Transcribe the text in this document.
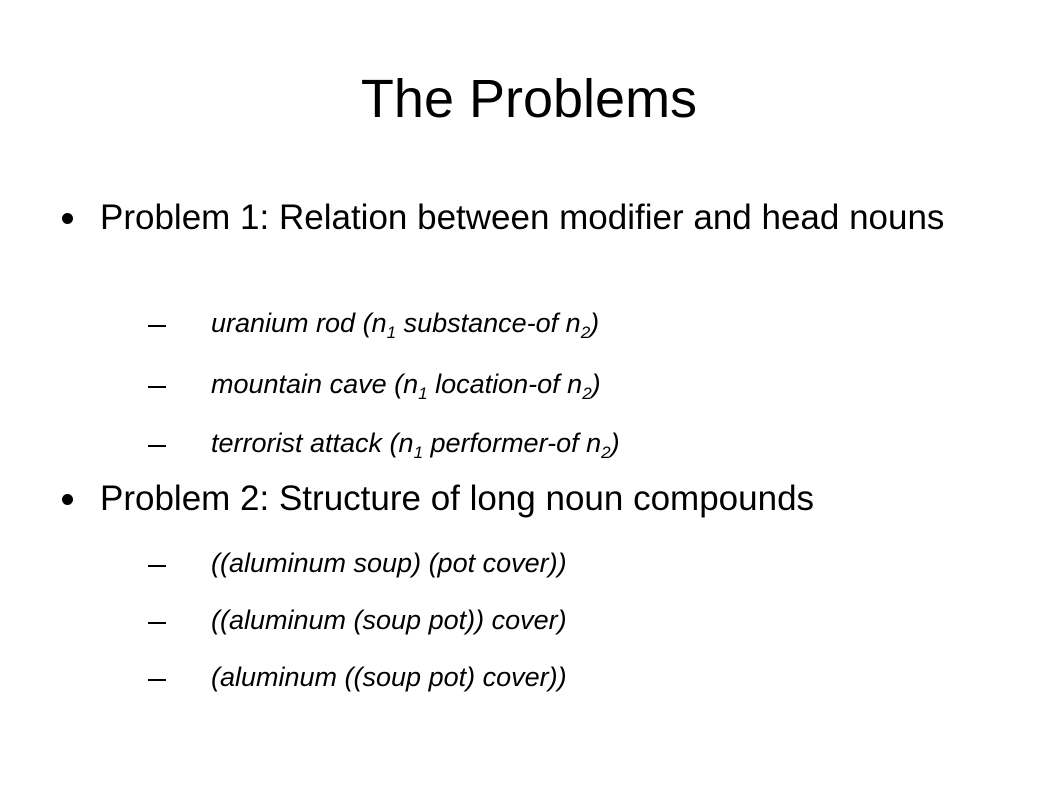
The Problems
Problem 1: Relation between modifier and head nouns
uranium rod ($n_1$ substance-of $n_2$)
mountain cave ($n_1$ location-of $n_2$)
terrorist attack ($n_1$ performer-of $n_2$)
Problem 2: Structure of long noun compounds
((aluminum soup) (pot cover))
((aluminum (soup pot)) cover)
(aluminum ((soup pot) cover))
